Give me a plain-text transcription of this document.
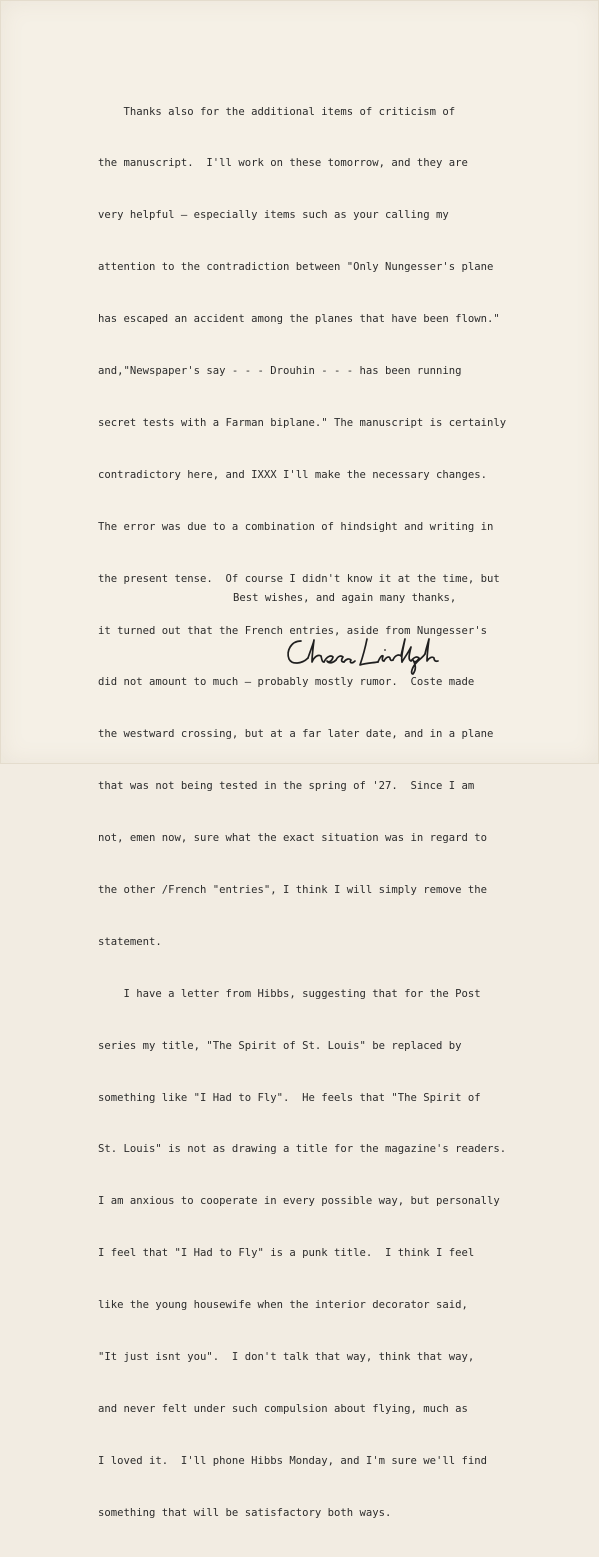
Thanks also for the additional items of criticism of

the manuscript.  I'll work on these tomorrow, and they are

very helpful — especially items such as your calling my

attention to the contradiction between "Only Nungesser's plane

has escaped an accident among the planes that have been flown."

and,"Newspaper's say - - - Drouhin - - - has been running

secret tests with a Farman biplane." The manuscript is certainly

contradictory here, and IXXX I'll make the necessary changes.

The error was due to a combination of hindsight and writing in

the present tense.  Of course I didn't know it at the time, but

it turned out that the French entries, aside from Nungesser's

did not amount to much — probably mostly rumor.  Coste made

the westward crossing, but at a far later date, and in a plane

that was not being tested in the spring of '27.  Since I am

not, emen now, sure what the exact situation was in regard to

the other /French "entries", I think I will simply remove the

statement.

I have a letter from Hibbs, suggesting that for the Post

series my title, "The Spirit of St. Louis" be replaced by

something like "I Had to Fly".  He feels that "The Spirit of

St. Louis" is not as drawing a title for the magazine's readers.

I am anxious to cooperate in every possible way, but personally

I feel that "I Had to Fly" is a punk title.  I think I feel

like the young housewife when the interior decorator said,

"It just isnt you".  I don't talk that way, think that way,

and never felt under such compulsion about flying, much as

I loved it.  I'll phone Hibbs Monday, and I'm sure we'll find

something that will be satisfactory both ways.

Best wishes, and again many thanks,
